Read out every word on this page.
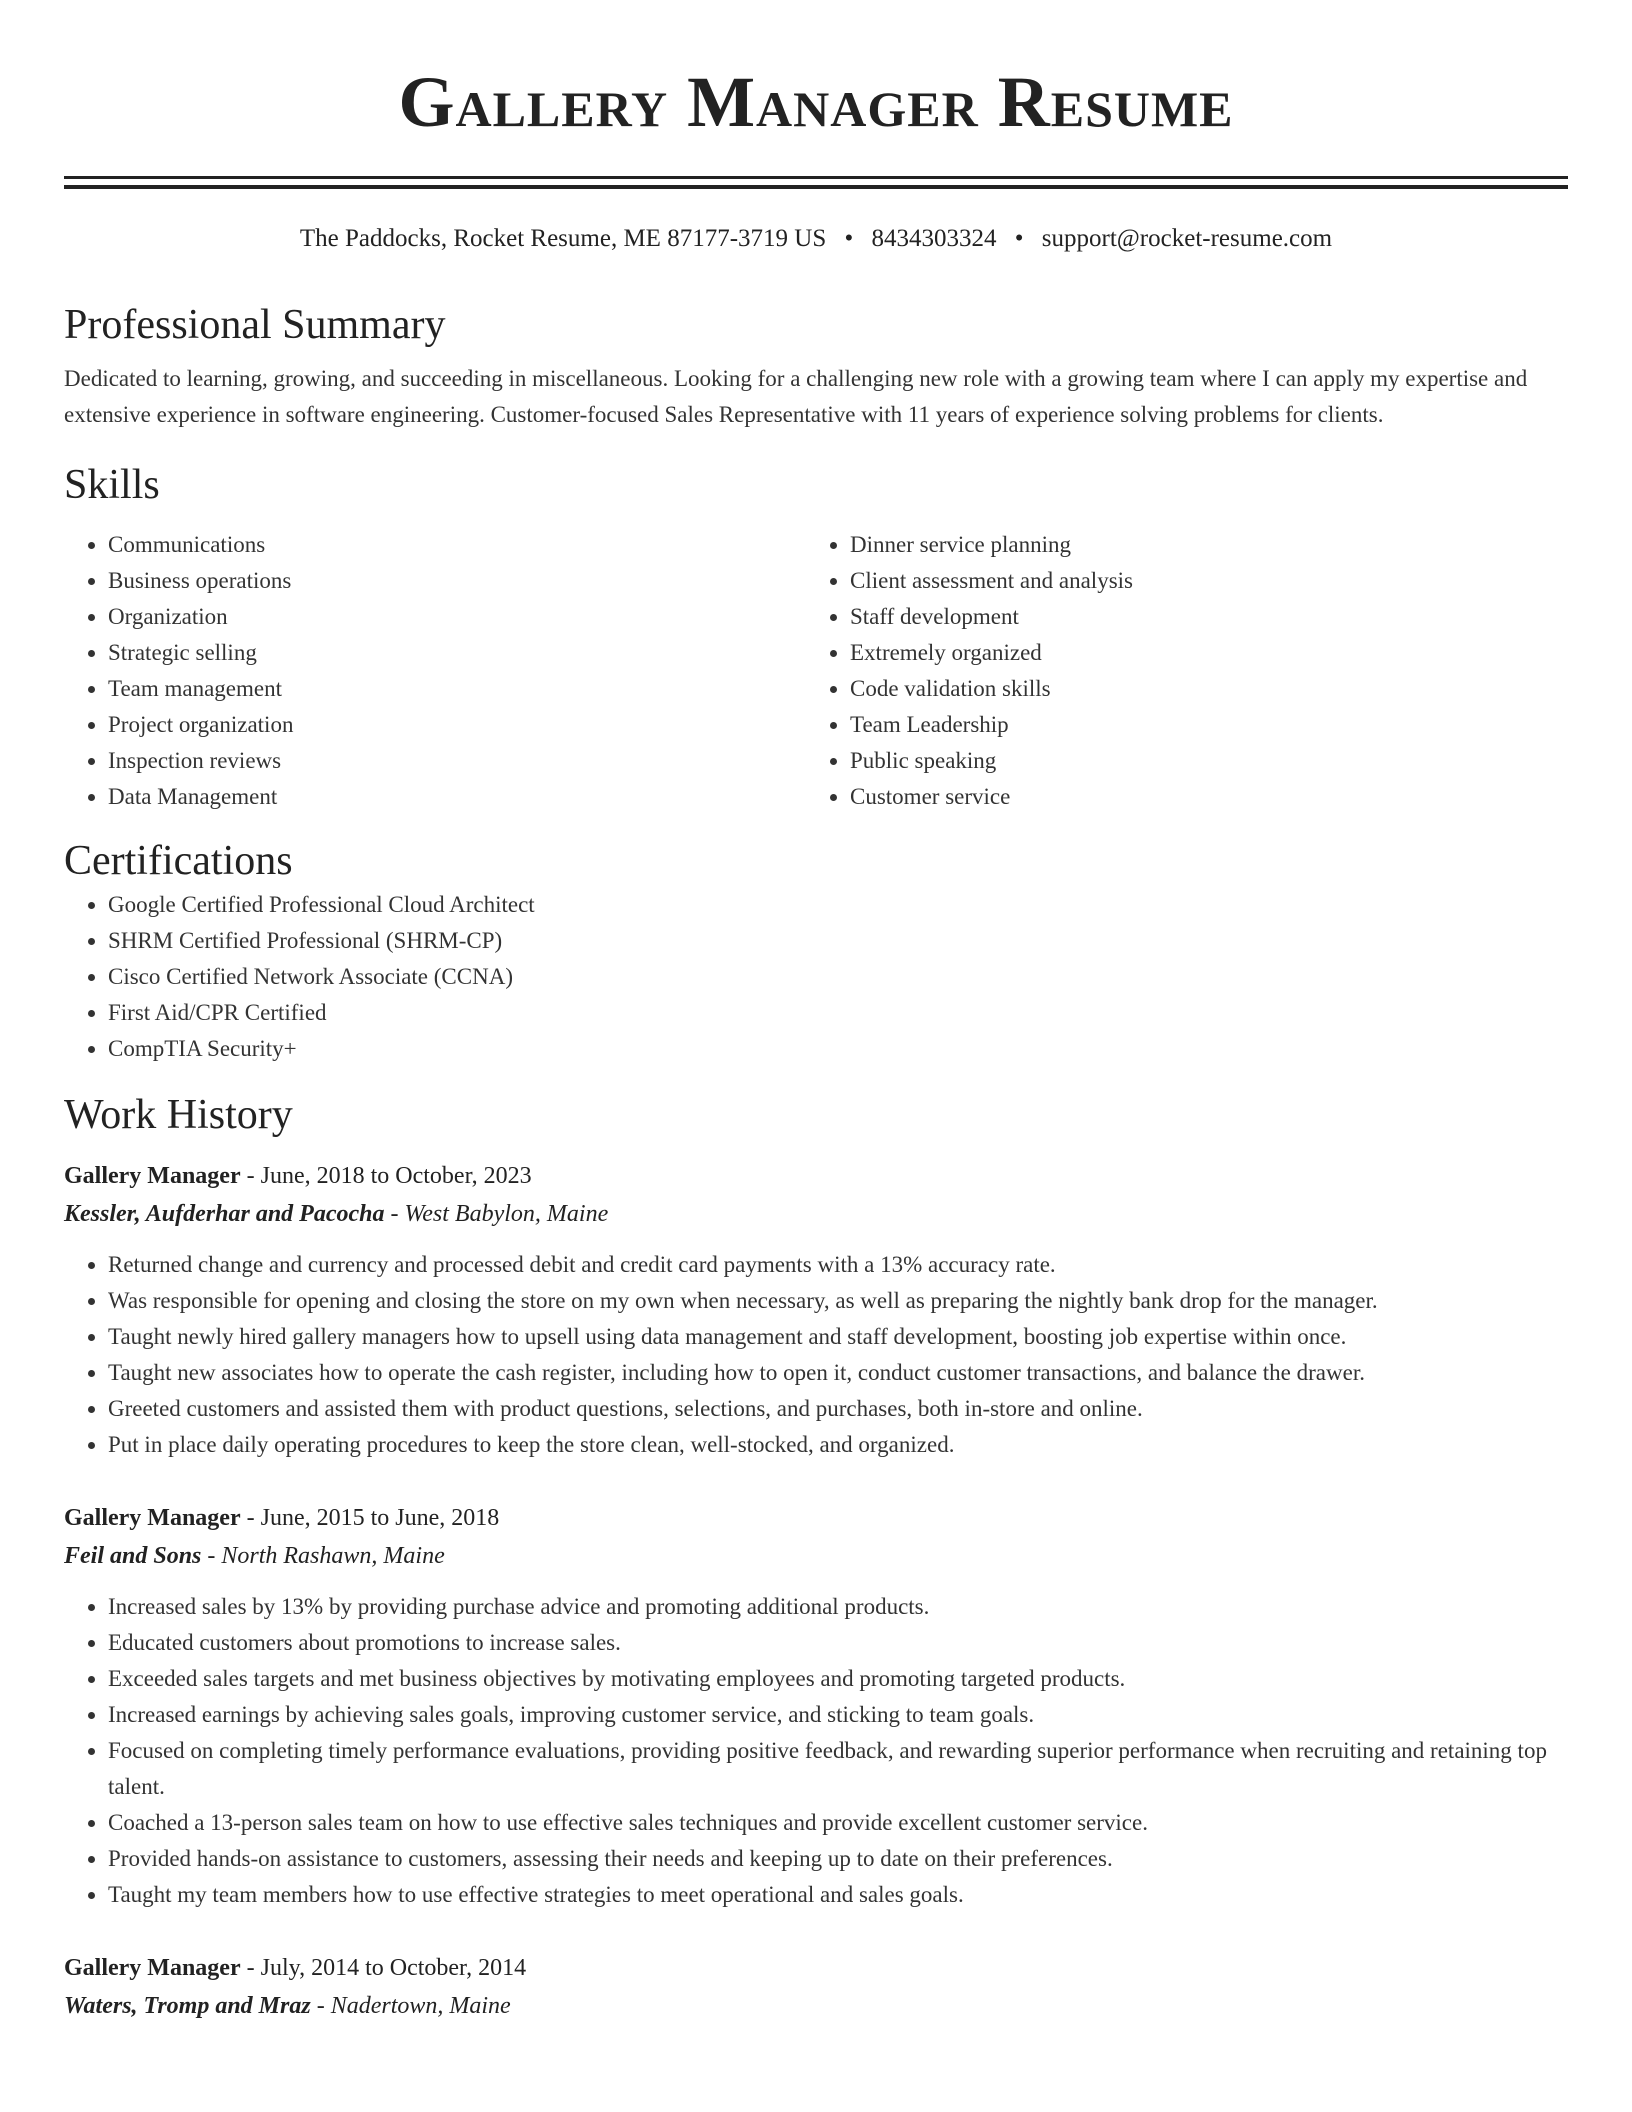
Gallery Manager Resume
The Paddocks, Rocket Resume, ME 87177-3719 US • 8434303324 • support@rocket-resume.com
Professional Summary

Dedicated to learning, growing, and succeeding in miscellaneous. Looking for a challenging new role with a growing team where I can apply my expertise and extensive experience in software engineering. Customer-focused Sales Representative with 11 years of experience solving problems for clients.

Skills
• Communications
• Business operations
• Organization
• Strategic selling
• Team management
• Project organization
• Inspection reviews
• Data Management
• Dinner service planning
• Client assessment and analysis
• Staff development
• Extremely organized
• Code validation skills
• Team Leadership
• Public speaking
• Customer service
Certifications
• Google Certified Professional Cloud Architect
• SHRM Certified Professional (SHRM-CP)
• Cisco Certified Network Associate (CCNA)
• First Aid/CPR Certified
• CompTIA Security+
Work History

Gallery Manager - June, 2018 to October, 2023

Kessler, Aufderhar and Pacocha - West Babylon, Maine

• Returned change and currency and processed debit and credit card payments with a 13% accuracy rate.
• Was responsible for opening and closing the store on my own when necessary, as well as preparing the nightly bank drop for the manager.
• Taught newly hired gallery managers how to upsell using data management and staff development, boosting job expertise within once.
• Taught new associates how to operate the cash register, including how to open it, conduct customer transactions, and balance the drawer.
• Greeted customers and assisted them with product questions, selections, and purchases, both in-store and online.
• Put in place daily operating procedures to keep the store clean, well-stocked, and organized.

Gallery Manager - June, 2015 to June, 2018

Feil and Sons - North Rashawn, Maine

• Increased sales by 13% by providing purchase advice and promoting additional products.
• Educated customers about promotions to increase sales.
• Exceeded sales targets and met business objectives by motivating employees and promoting targeted products.
• Increased earnings by achieving sales goals, improving customer service, and sticking to team goals.
• Focused on completing timely performance evaluations, providing positive feedback, and rewarding superior performance when recruiting and retaining top talent.
• Coached a 13-person sales team on how to use effective sales techniques and provide excellent customer service.
• Provided hands-on assistance to customers, assessing their needs and keeping up to date on their preferences.
• Taught my team members how to use effective strategies to meet operational and sales goals.

Gallery Manager - July, 2014 to October, 2014

Waters, Tromp and Mraz - Nadertown, Maine
